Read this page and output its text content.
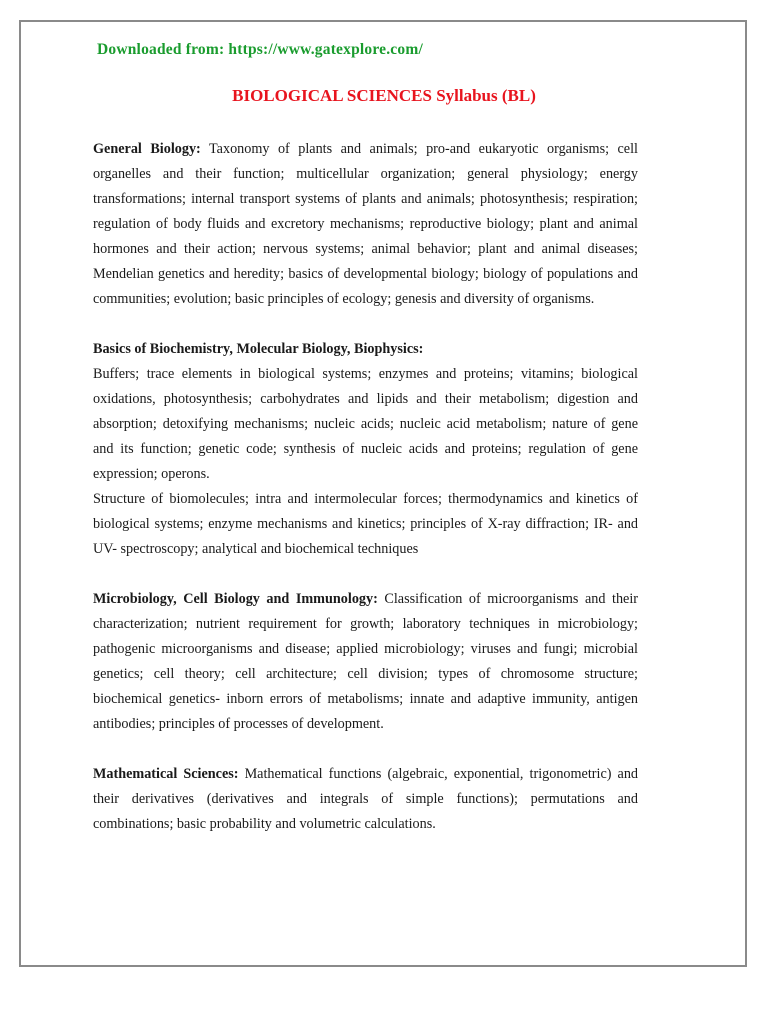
Downloaded from: https://www.gatexplore.com/
BIOLOGICAL SCIENCES Syllabus (BL)

General Biology: Taxonomy of plants and animals; pro-and eukaryotic organisms; cell organelles and their function; multicellular organization; general physiology; energy transformations; internal transport systems of plants and animals; photosynthesis; respiration; regulation of body fluids and excretory mechanisms; reproductive biology; plant and animal hormones and their action; nervous systems; animal behavior; plant and animal diseases; Mendelian genetics and heredity; basics of developmental biology; biology of populations and communities; evolution; basic principles of ecology; genesis and diversity of organisms.

Basics of Biochemistry, Molecular Biology, Biophysics:

Buffers; trace elements in biological systems; enzymes and proteins; vitamins; biological oxidations, photosynthesis; carbohydrates and lipids and their metabolism; digestion and absorption; detoxifying mechanisms; nucleic acids; nucleic acid metabolism; nature of gene and its function; genetic code; synthesis of nucleic acids and proteins; regulation of gene expression; operons.

Structure of biomolecules; intra and intermolecular forces; thermodynamics and kinetics of biological systems; enzyme mechanisms and kinetics; principles of X-ray diffraction; IR- and UV- spectroscopy; analytical and biochemical techniques

Microbiology, Cell Biology and Immunology: Classification of microorganisms and their characterization; nutrient requirement for growth; laboratory techniques in microbiology; pathogenic microorganisms and disease; applied microbiology; viruses and fungi; microbial genetics; cell theory; cell architecture; cell division; types of chromosome structure; biochemical genetics- inborn errors of metabolisms; innate and adaptive immunity, antigen antibodies; principles of processes of development.

Mathematical Sciences: Mathematical functions (algebraic, exponential, trigonometric) and their derivatives (derivatives and integrals of simple functions); permutations and combinations; basic probability and volumetric calculations.
